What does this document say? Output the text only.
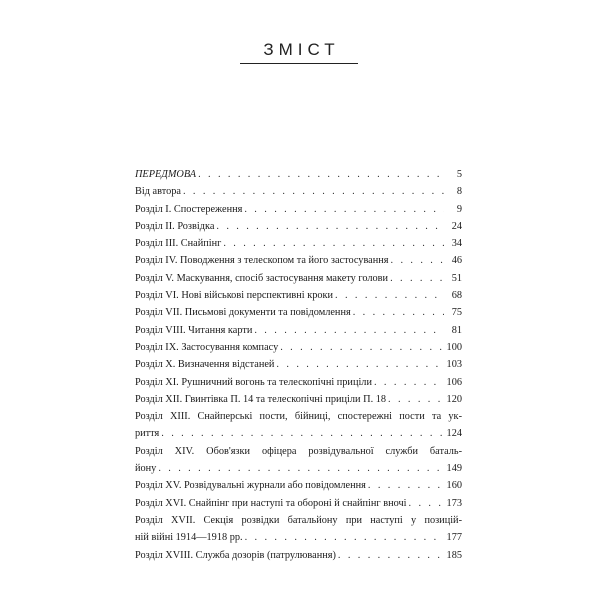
ЗМІСТ
ПЕРЕДМОВА . . .	5
Від автора . . .	8
Розділ І. Спостереження . . .	9
Розділ II. Розвідка . . .	24
Розділ III. Снайпінг . . .	34
Розділ IV. Поводження з телескопом та його застосування . . .	46
Розділ V. Маскування, спосіб застосування макету голови . . .	51
Розділ VI. Нові військові перспективні кроки . . .	68
Розділ VII. Письмові документи та повідомлення . . .	75
Розділ VIII. Читання карти . . .	81
Розділ IX. Застосування компасу . . .	100
Розділ X. Визначення відстаней . . .	103
Розділ XI. Рушничний вогонь та телескопічні приціли . . .	106
Розділ XII. Гвинтівка П. 14 та телескопічні приціли П. 18 . . .	120
Розділ XIII. Снайперські пости, бійниці, спостережні пости та ук-
риття . . .	124
Розділ XIV. Обов'язки офіцера розвідувальної служби баталь-
йону . . .	149
Розділ XV. Розвідувальні журнали або повідомлення . . .	160
Розділ XVI. Снайпінг при наступі та обороні й снайпінг вночі . . .	173
Розділ XVII. Секція розвідки батальйону при наступі у позицій-
ній війні 1914—1918 рр. . . .	177
Розділ XVIII. Служба дозорів (патрулювання) . . .	185
